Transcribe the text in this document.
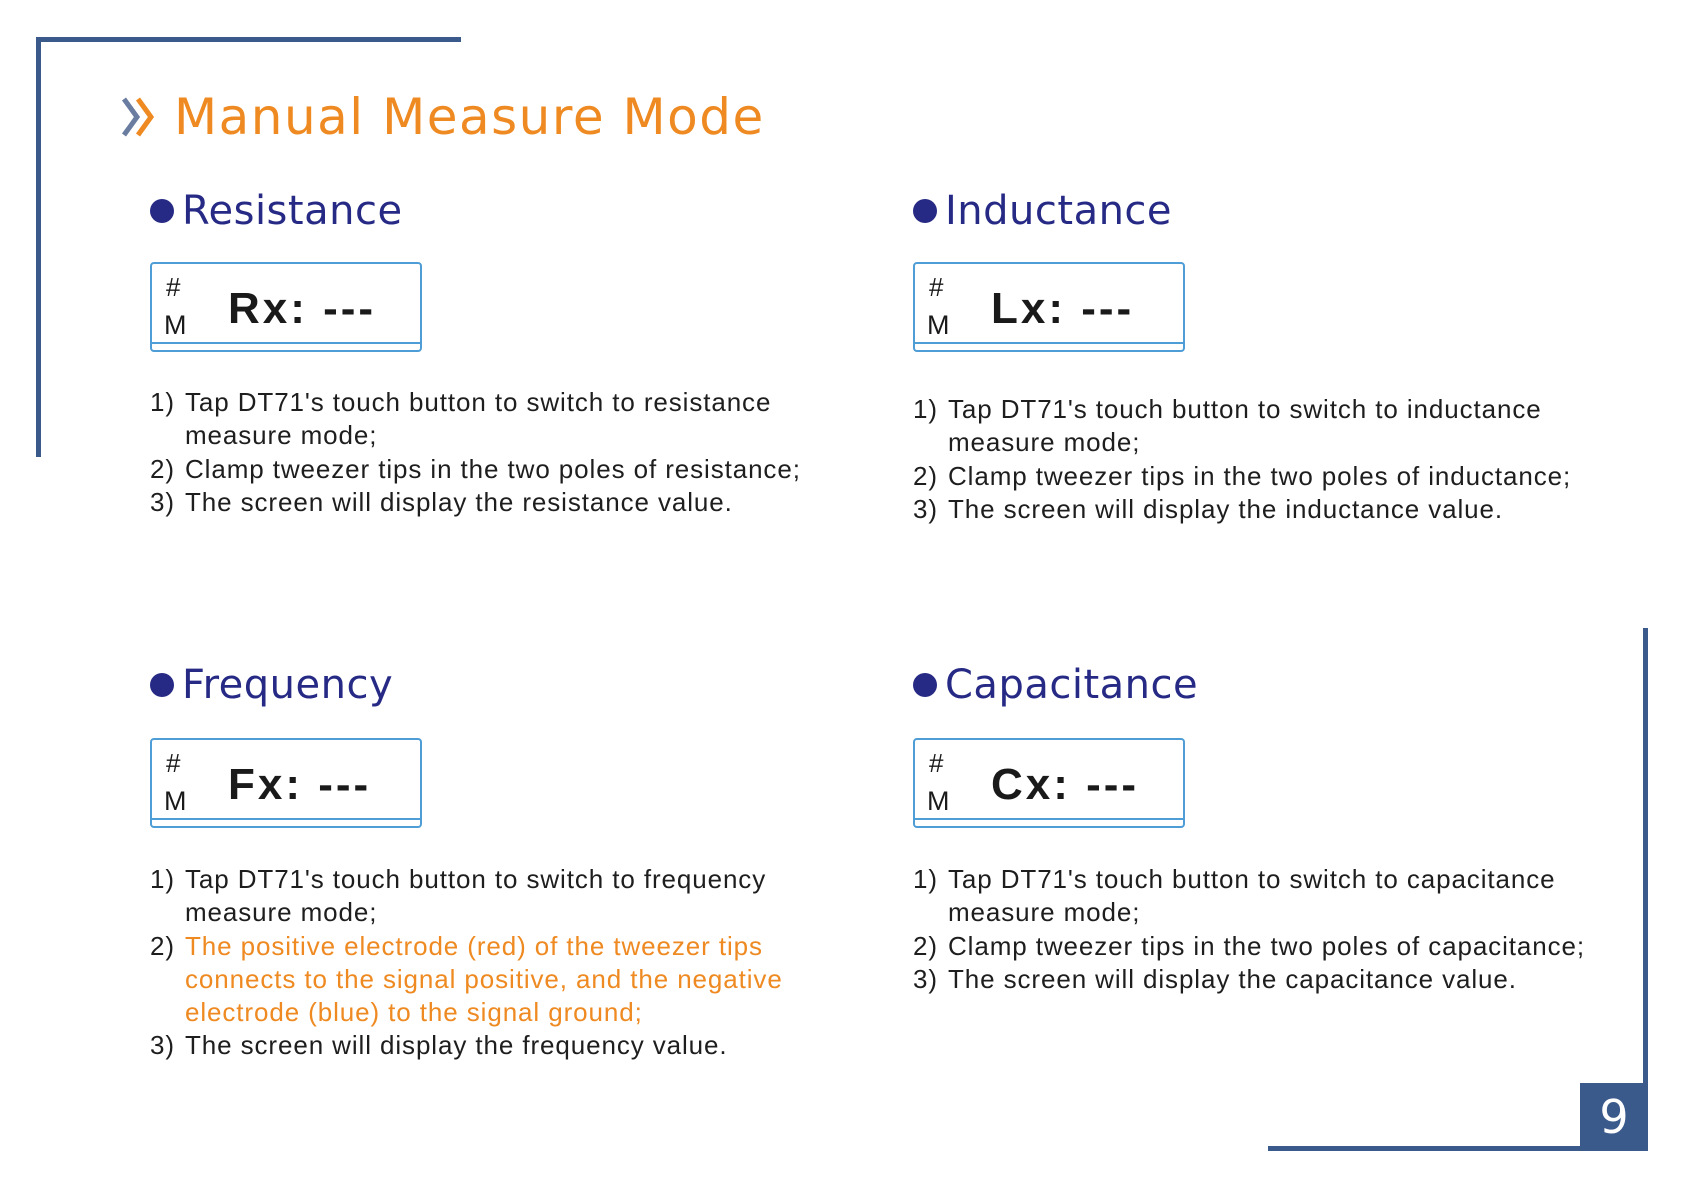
Manual Measure Mode
Resistance
#
M Rx: ---
1) Tap DT71's touch button to switch to resistance measure mode;
2) Clamp tweezer tips in the two poles of resistance;
3) The screen will display the resistance value.
Inductance
#
M Lx: ---
1) Tap DT71's touch button to switch to inductance measure mode;
2) Clamp tweezer tips in the two poles of inductance;
3) The screen will display the inductance value.
Frequency
#
M Fx: ---
1) Tap DT71's touch button to switch to frequency measure mode;
2) The positive electrode (red) of the tweezer tips connects to the signal positive, and the negative electrode (blue) to the signal ground;
3) The screen will display the frequency value.
Capacitance
#
M Cx: ---
1) Tap DT71's touch button to switch to capacitance measure mode;
2) Clamp tweezer tips in the two poles of capacitance;
3) The screen will display the capacitance value.
9
